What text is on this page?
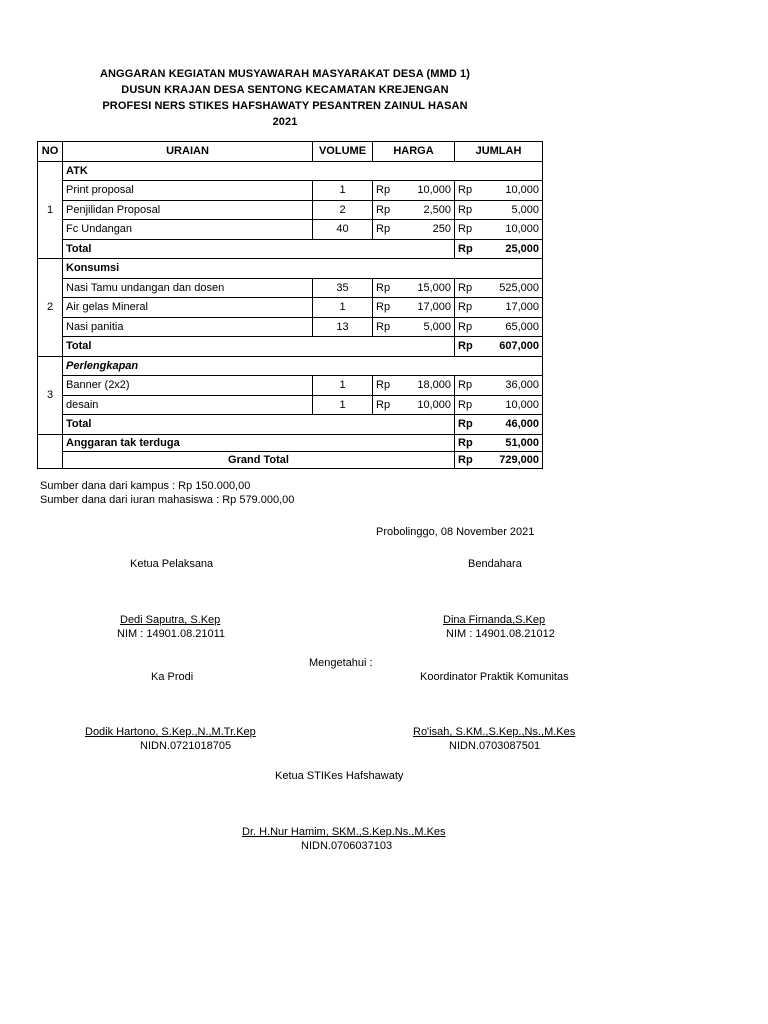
ANGGARAN KEGIATAN MUSYAWARAH MASYARAKAT DESA (MMD 1)
DUSUN KRAJAN DESA SENTONG KECAMATAN KREJENGAN
PROFESI NERS STIKES HAFSHAWATY PESANTREN ZAINUL HASAN
2021
NO	URAIAN	VOLUME	HARGA		JUMLAH	
1	ATK					
	Print proposal	1	Rp	10,000	Rp	10,000
	Penjilidan Proposal	2	Rp	2,500	Rp	5,000
	Fc Undangan	40	Rp	250	Rp	10,000
	Total				Rp	25,000
2	Konsumsi					
	Nasi Tamu undangan dan dosen	35	Rp	15,000	Rp	525,000
	Air gelas Mineral	1	Rp	17,000	Rp	17,000
	Nasi panitia	13	Rp	5,000	Rp	65,000
	Total				Rp	607,000
3	Perlengkapan					
	Banner (2x2)	1	Rp	18,000	Rp	36,000
	desain	1	Rp	10,000	Rp	10,000
	Total				Rp	46,000
	Anggaran tak terduga				Rp	51,000
	Grand Total				Rp	729,000
Sumber dana dari kampus : Rp 150.000,00
Sumber dana dari iuran mahasiswa : Rp 579.000,00
Probolinggo, 08 November 2021
Ketua Pelaksana	Bendahara
Dedi Saputra, S.Kep
NIM : 14901.08.21011
Dina Firnanda,S.Kep
NIM : 14901.08.21012
Mengetahui :
Ka Prodi	Koordinator Praktik Komunitas
Dodik Hartono, S.Kep.,N.,M.Tr.Kep
NIDN.0721018705
Ro'isah, S.KM.,S.Kep.,Ns.,M.Kes
NIDN.0703087501
Ketua STIKes Hafshawaty
Dr. H.Nur Hamim, SKM.,S.Kep.Ns.,M.Kes
NIDN.0706037103
